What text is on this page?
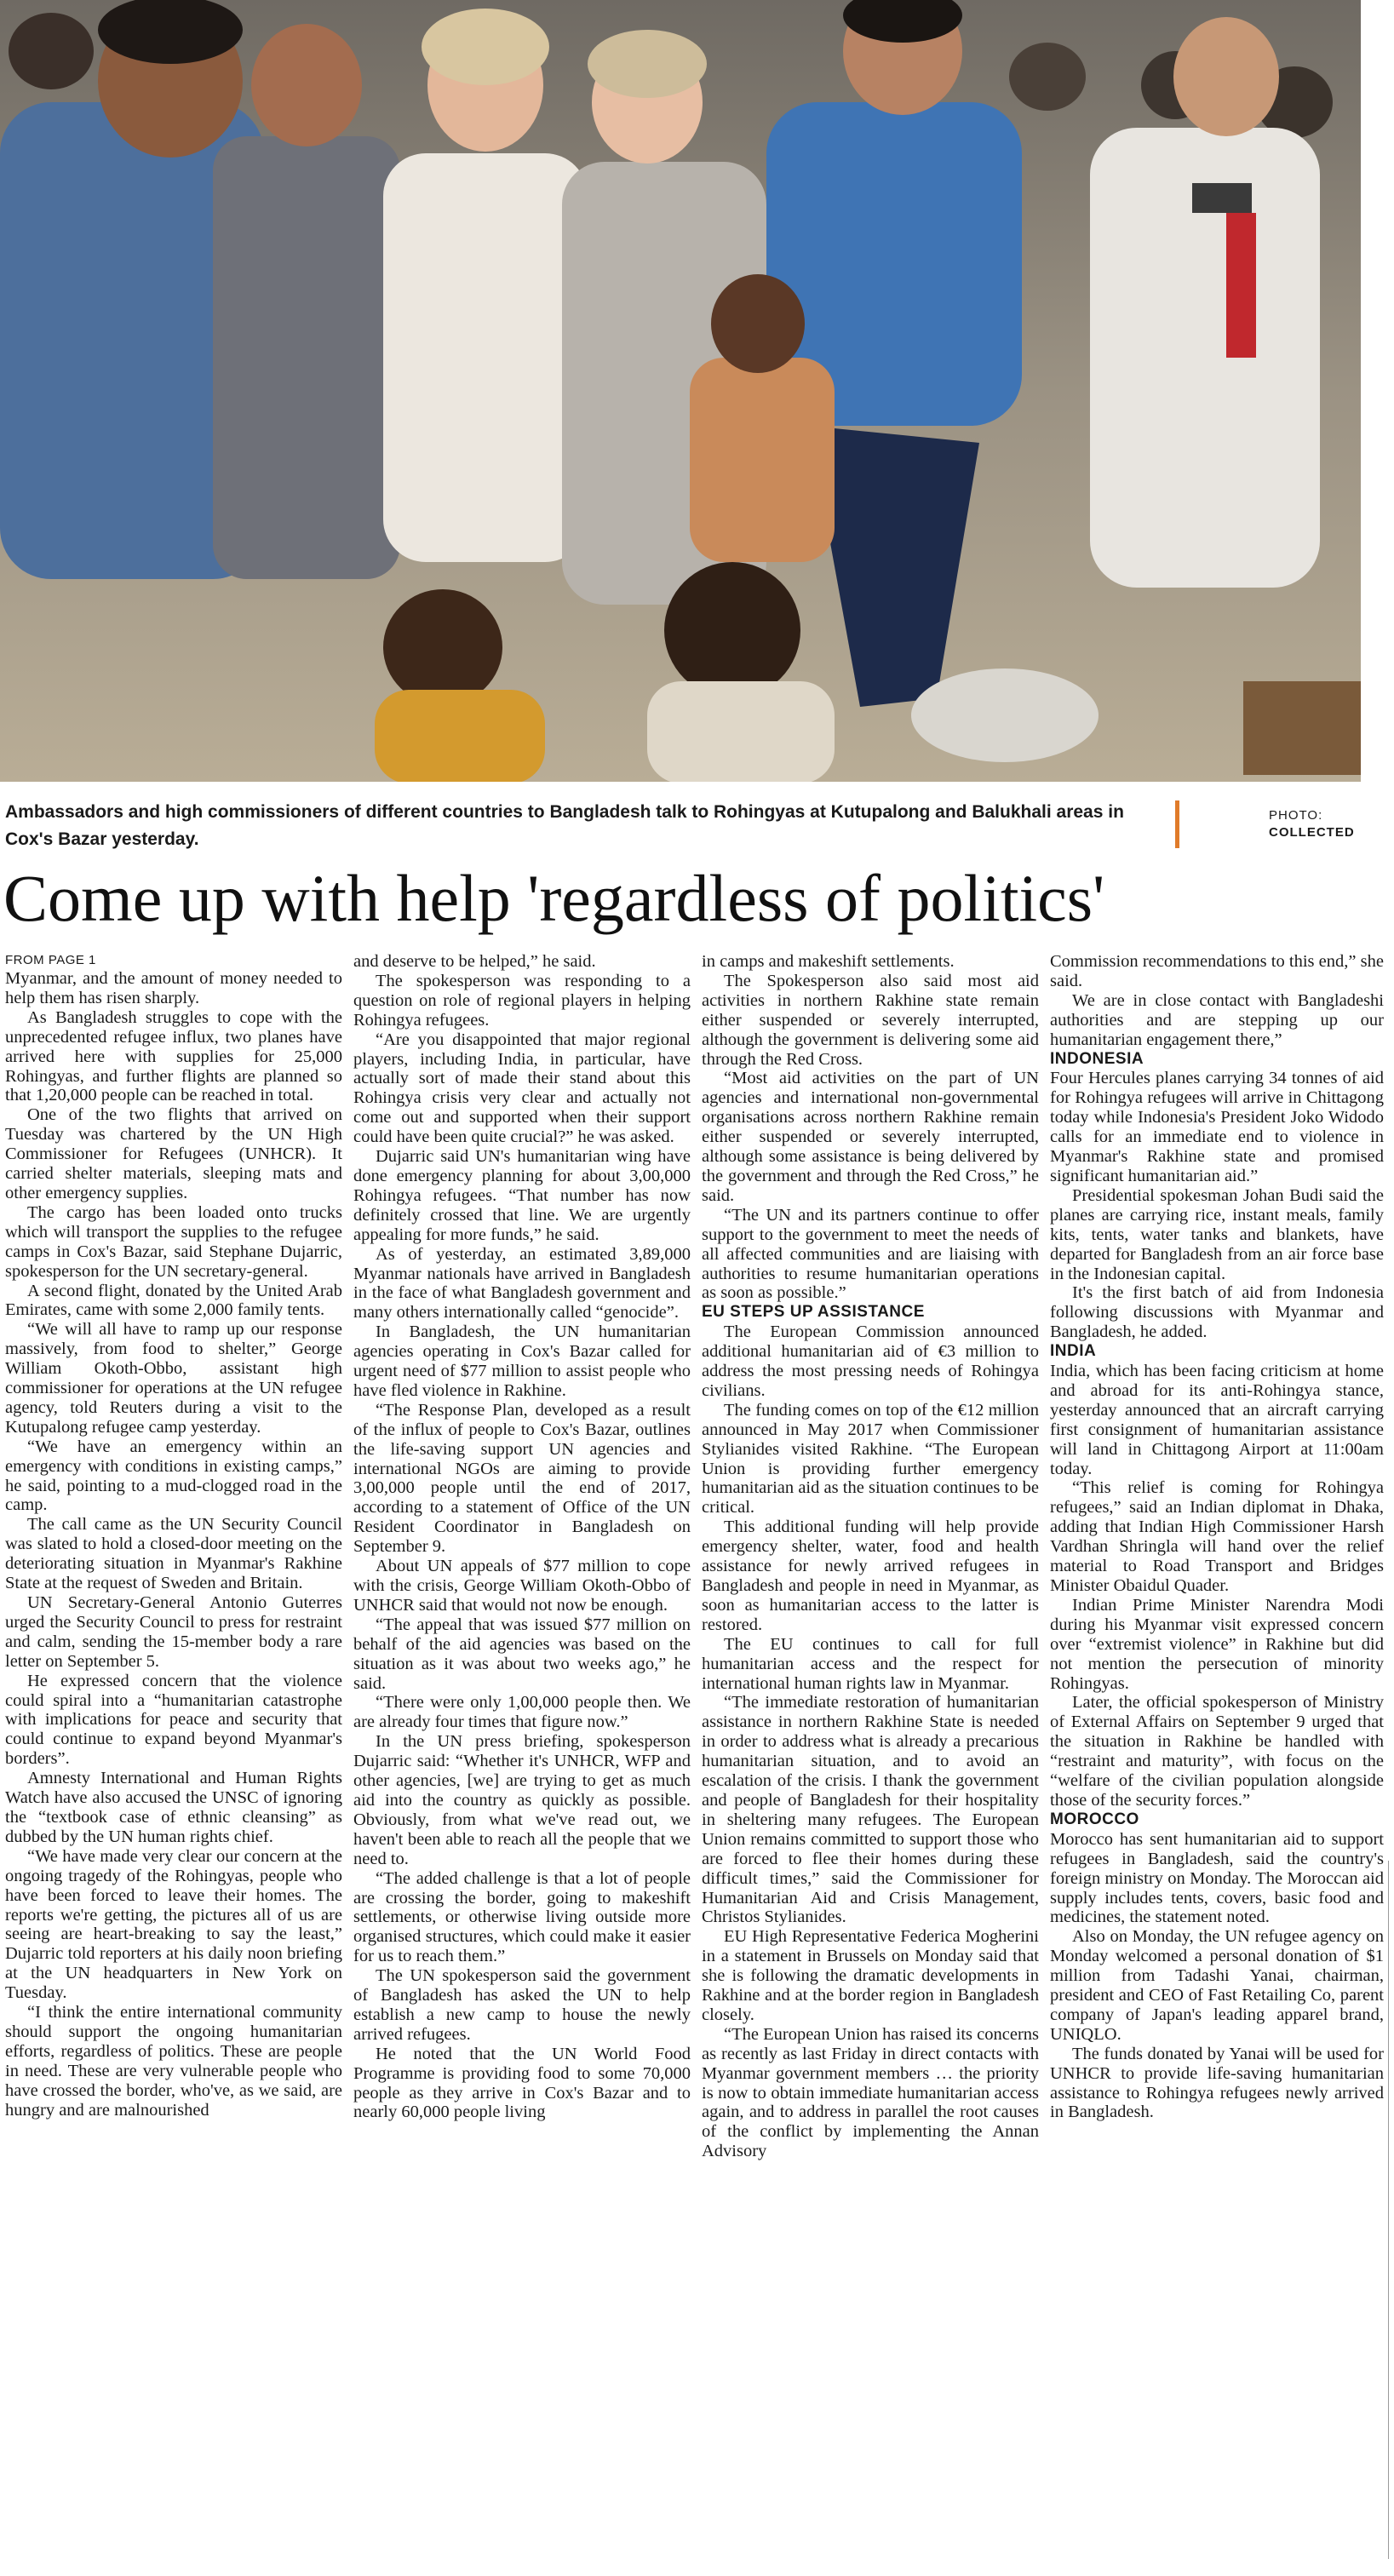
Ambassadors and high commissioners of different countries to Bangladesh talk to Rohingyas at Kutupalong and Balukhali areas in Cox's Bazar yesterday.
PHOTO:
COLLECTED
Come up with help 'regardless of politics'

FROM PAGE 1

Myanmar, and the amount of money needed to help them has risen sharply.

As Bangladesh struggles to cope with the unprecedented refugee influx, two planes have arrived here with supplies for 25,000 Rohingyas, and further flights are planned so that 1,20,000 people can be reached in total.

One of the two flights that arrived on Tuesday was chartered by the UN High Commissioner for Refugees (UNHCR). It carried shelter materials, sleeping mats and other emergency supplies.

The cargo has been loaded onto trucks which will transport the supplies to the refugee camps in Cox's Bazar, said Stephane Dujarric, spokesperson for the UN secretary-general.

A second flight, donated by the United Arab Emirates, came with some 2,000 family tents.

“We will all have to ramp up our response massively, from food to shelter,” George William Okoth-Obbo, assistant high commissioner for operations at the UN refugee agency, told Reuters during a visit to the Kutupalong refugee camp yesterday.

“We have an emergency within an emergency with conditions in existing camps,” he said, pointing to a mud-clogged road in the camp.

The call came as the UN Security Council was slated to hold a closed-door meeting on the deteriorating situation in Myanmar's Rakhine State at the request of Sweden and Britain.

UN Secretary-General Antonio Guterres urged the Security Council to press for restraint and calm, sending the 15-member body a rare letter on September 5.

He expressed concern that the violence could spiral into a “humanitarian catastrophe with implications for peace and security that could continue to expand beyond Myanmar's borders”.

Amnesty International and Human Rights Watch have also accused the UNSC of ignoring the “textbook case of ethnic cleansing” as dubbed by the UN human rights chief.

“We have made very clear our concern at the ongoing tragedy of the Rohingyas, people who have been forced to leave their homes. The reports we're getting, the pictures all of us are seeing are heart-breaking to say the least,” Dujarric told reporters at his daily noon briefing at the UN headquarters in New York on Tuesday.

“I think the entire international community should support the ongoing humanitarian efforts, regardless of politics. These are people in need. These are very vulnerable people who have crossed the border, who've, as we said, are hungry and are malnourished

and deserve to be helped,” he said.

The spokesperson was responding to a question on role of regional players in helping Rohingya refugees.

“Are you disappointed that major regional players, including India, in particular, have actually sort of made their stand about this Rohingya crisis very clear and actually not come out and supported when their support could have been quite crucial?” he was asked.

Dujarric said UN's humanitarian wing have done emergency planning for about 3,00,000 Rohingya refugees. “That number has now definitely crossed that line. We are urgently appealing for more funds,” he said.

As of yesterday, an estimated 3,89,000 Myanmar nationals have arrived in Bangladesh in the face of what Bangladesh government and many others internationally called “genocide”.

In Bangladesh, the UN humanitarian agencies operating in Cox's Bazar called for urgent need of $77 million to assist people who have fled violence in Rakhine.

“The Response Plan, developed as a result of the influx of people to Cox's Bazar, outlines the life-saving support UN agencies and international NGOs are aiming to provide 3,00,000 people until the end of 2017, according to a statement of Office of the UN Resident Coordinator in Bangladesh on September 9.

About UN appeals of $77 million to cope with the crisis, George William Okoth-Obbo of UNHCR said that would not now be enough.

“The appeal that was issued $77 million on behalf of the aid agencies was based on the situation as it was about two weeks ago,” he said.

“There were only 1,00,000 people then. We are already four times that figure now.”

In the UN press briefing, spokesperson Dujarric said: “Whether it's UNHCR, WFP and other agencies, [we] are trying to get as much aid into the country as quickly as possible. Obviously, from what we've read out, we haven't been able to reach all the people that we need to.

“The added challenge is that a lot of people are crossing the border, going to makeshift settlements, or otherwise living outside more organised structures, which could make it easier for us to reach them.”

The UN spokesperson said the government of Bangladesh has asked the UN to help establish a new camp to house the newly arrived refugees.

He noted that the UN World Food Programme is providing food to some 70,000 people as they arrive in Cox's Bazar and to nearly 60,000 people living

in camps and makeshift settlements.

The Spokesperson also said most aid activities in northern Rakhine state remain either suspended or severely interrupted, although the government is delivering some aid through the Red Cross.

“Most aid activities on the part of UN agencies and international non-governmental organisations across northern Rakhine remain either suspended or severely interrupted, although some assistance is being delivered by the government and through the Red Cross,” he said.

“The UN and its partners continue to offer support to the government to meet the needs of all affected communities and are liaising with authorities to resume humanitarian operations as soon as possible.”

EU STEPS UP ASSISTANCE

The European Commission announced additional humanitarian aid of €3 million to address the most pressing needs of Rohingya civilians.

The funding comes on top of the €12 million announced in May 2017 when Commissioner Stylianides visited Rakhine. “The European Union is providing further emergency humanitarian aid as the situation continues to be critical.

This additional funding will help provide emergency shelter, water, food and health assistance for newly arrived refugees in Bangladesh and people in need in Myanmar, as soon as humanitarian access to the latter is restored.

The EU continues to call for full humanitarian access and the respect for international human rights law in Myanmar.

“The immediate restoration of humanitarian assistance in northern Rakhine State is needed in order to address what is already a precarious humanitarian situation, and to avoid an escalation of the crisis. I thank the government and people of Bangladesh for their hospitality in sheltering many refugees. The European Union remains committed to support those who are forced to flee their homes during these difficult times,” said the Commissioner for Humanitarian Aid and Crisis Management, Christos Stylianides.

EU High Representative Federica Mogherini in a statement in Brussels on Monday said that she is following the dramatic developments in Rakhine and at the border region in Bangladesh closely.

“The European Union has raised its concerns as recently as last Friday in direct contacts with Myanmar government members … the priority is now to obtain immediate humanitarian access again, and to address in parallel the root causes of the conflict by implementing the Annan Advisory

Commission recommendations to this end,” she said.

We are in close contact with Bangladeshi authorities and are stepping up our humanitarian engagement there,”

INDONESIA

Four Hercules planes carrying 34 tonnes of aid for Rohingya refugees will arrive in Chittagong today while Indonesia's President Joko Widodo calls for an immediate end to violence in Myanmar's Rakhine state and promised significant humanitarian aid.”

Presidential spokesman Johan Budi said the planes are carrying rice, instant meals, family kits, tents, water tanks and blankets, have departed for Bangladesh from an air force base in the Indonesian capital.

It's the first batch of aid from Indonesia following discussions with Myanmar and Bangladesh, he added.

INDIA

India, which has been facing criticism at home and abroad for its anti-Rohingya stance, yesterday announced that an aircraft carrying first consignment of humanitarian assistance will land in Chittagong Airport at 11:00am today.

“This relief is coming for Rohingya refugees,” said an Indian diplomat in Dhaka, adding that Indian High Commissioner Harsh Vardhan Shringla will hand over the relief material to Road Transport and Bridges Minister Obaidul Quader.

Indian Prime Minister Narendra Modi during his Myanmar visit expressed concern over “extremist violence” in Rakhine but did not mention the persecution of minority Rohingyas.

Later, the official spokesperson of Ministry of External Affairs on September 9 urged that the situation in Rakhine be handled with “restraint and maturity”, with focus on the “welfare of the civilian population alongside those of the security forces.”

MOROCCO

Morocco has sent humanitarian aid to support refugees in Bangladesh, said the country's foreign ministry on Monday. The Moroccan aid supply includes tents, covers, basic food and medicines, the statement noted.

Also on Monday, the UN refugee agency on Monday welcomed a personal donation of $1 million from Tadashi Yanai, chairman, president and CEO of Fast Retailing Co, parent company of Japan's leading apparel brand, UNIQLO.

The funds donated by Yanai will be used for UNHCR to provide life-saving humanitarian assistance to Rohingya refugees newly arrived in Bangladesh.
